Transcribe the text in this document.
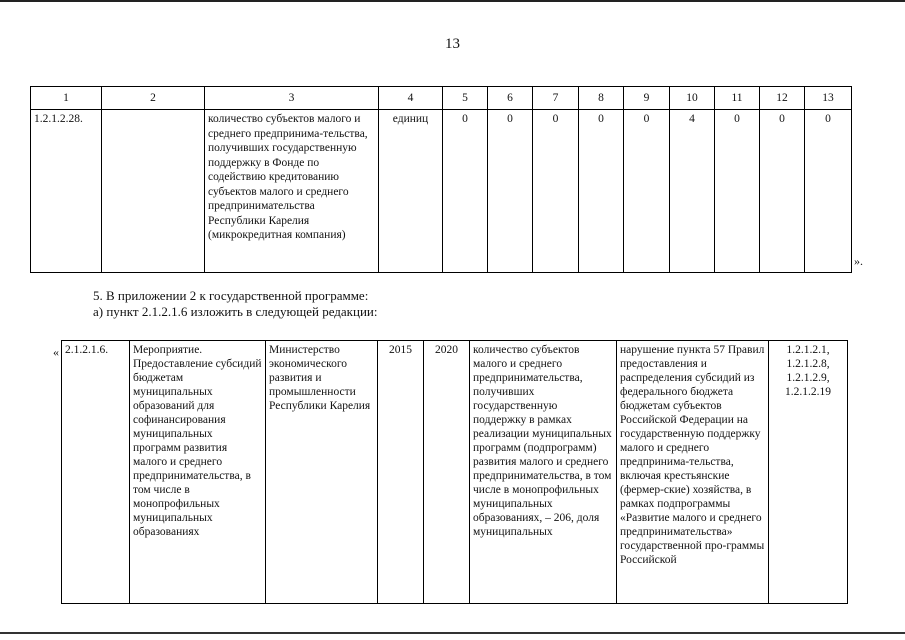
13
1	2	3	4	5	6	7	8	9	10	11	12	13
1.2.1.2.28.		количество субъектов малого и среднего предпринима-тельства, получивших государственную поддержку в Фонде по содействию кредитованию субъектов малого и среднего предпринимательства Республики Карелия (микрокредитная компания)	единиц	0	0	0	0	0	4	0	0	0
».
5. В приложении 2 к государственной программе:
а) пункт 2.1.2.1.6 изложить в следующей редакции:
« 2.1.2.1.6.	Мероприятие. Предоставление субсидий бюджетам муниципальных образований для софинансирования муниципальных программ развития малого и среднего предпринимательства, в том числе в монопрофильных муниципальных образованиях	Министерство экономического развития и промышленности Республики Карелия	2015	2020	количество субъектов малого и среднего предпринимательства, получивших государственную поддержку в рамках реализации муниципальных программ (подпрограмм) развития малого и среднего предпринимательства, в том числе в монопрофильных муниципальных образованиях, – 206, доля муниципальных	нарушение пункта 57 Правил предоставления и распределения субсидий из федерального бюджета бюджетам субъектов Российской Федерации на государственную поддержку малого и среднего предпринима-тельства, включая крестьянские (фермер-ские) хозяйства, в рамках подпрограммы «Развитие малого и среднего предпринимательства» государственной про-граммы Российской	1.2.1.2.1, 1.2.1.2.8, 1.2.1.2.9, 1.2.1.2.19
